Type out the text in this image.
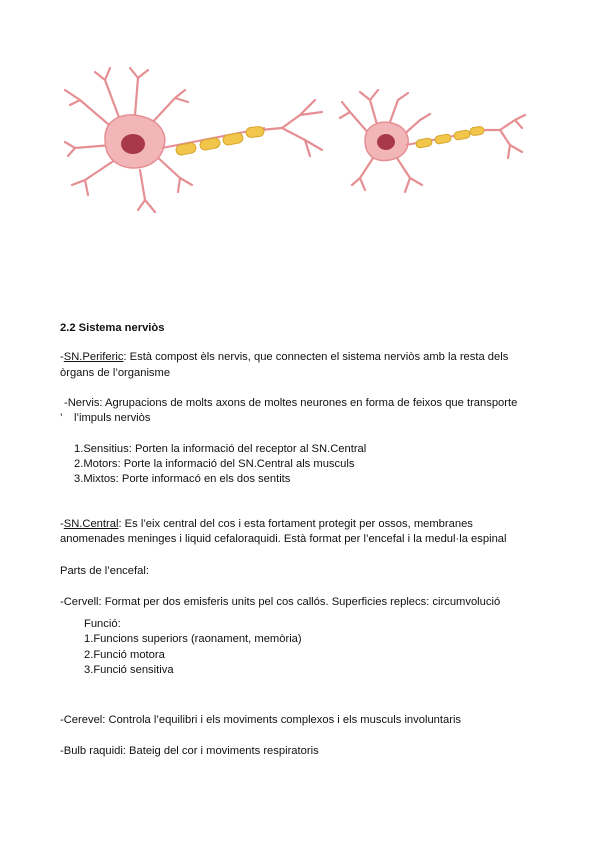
2.2 Sistema nerviòs
-SN.Periferic: Està compost èls nervis, que connecten el sistema nerviòs amb la resta dels
òrgans de l’organisme
-Nervis: Agrupacions de molts axons de moltes neurones en forma de feixos que transporte
l’impuls nerviòs
’
1.Sensitius: Porten la informació del receptor al SN.Central
2.Motors: Porte la informació del SN.Central als musculs
3.Mixtos: Porte informacó en els dos sentits
-SN.Central: Es l’eix central del cos i esta fortament protegit per ossos, membranes
anomenades meninges i liquid cefaloraquidi. Està format per l’encefal i la medul·la espinal
Parts de l’encefal:
-Cervell: Format per dos emisferis units pel cos callós. Superficies replecs: circumvolució
Funció:
1.Funcions superiors (raonament, memòria)
2.Funció motora
3.Funció sensitiva
-Cerevel: Controla l’equilibri i els moviments complexos i els musculs involuntaris
-Bulb raquidi: Bateig del cor i moviments respiratoris
